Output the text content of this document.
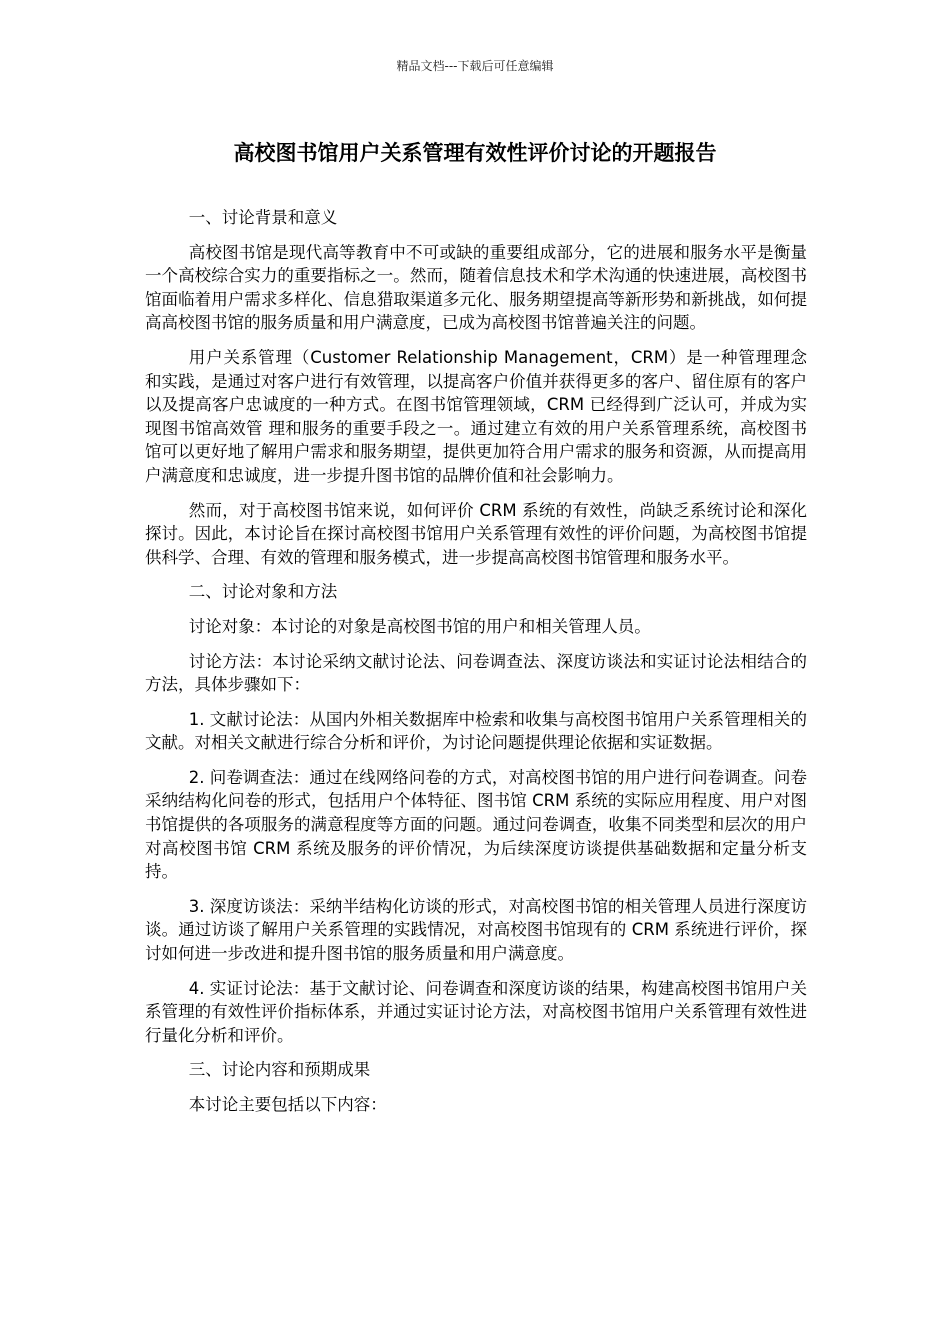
精品文档---下载后可任意编辑
高校图书馆用户关系管理有效性评价讨论的开题报告

一、讨论背景和意义

高校图书馆是现代高等教育中不可或缺的重要组成部分，它的进展和服务水平是衡量一个高校综合实力的重要指标之一。然而，随着信息技术和学术沟通的快速进展，高校图书馆面临着用户需求多样化、信息猎取渠道多元化、服务期望提高等新形势和新挑战，如何提高高校图书馆的服务质量和用户满意度，已成为高校图书馆普遍关注的问题。

用户关系管理（Customer Relationship Management，CRM）是一种管理理念和实践，是通过对客户进行有效管理，以提高客户价值并获得更多的客户、留住原有的客户以及提高客户忠诚度的一种方式。在图书馆管理领域，CRM 已经得到广泛认可，并成为实现图书馆高效管 理和服务的重要手段之一。通过建立有效的用户关系管理系统，高校图书馆可以更好地了解用户需求和服务期望，提供更加符合用户需求的服务和资源，从而提高用户满意度和忠诚度，进一步提升图书馆的品牌价值和社会影响力。

然而，对于高校图书馆来说，如何评价 CRM 系统的有效性，尚缺乏系统讨论和深化探讨。因此，本讨论旨在探讨高校图书馆用户关系管理有效性的评价问题，为高校图书馆提供科学、合理、有效的管理和服务模式，进一步提高高校图书馆管理和服务水平。

二、讨论对象和方法

讨论对象：本讨论的对象是高校图书馆的用户和相关管理人员。

讨论方法：本讨论采纳文献讨论法、问卷调查法、深度访谈法和实证讨论法相结合的方法，具体步骤如下：

1. 文献讨论法：从国内外相关数据库中检索和收集与高校图书馆用户关系管理相关的文献。对相关文献进行综合分析和评价，为讨论问题提供理论依据和实证数据。

2. 问卷调查法：通过在线网络问卷的方式，对高校图书馆的用户进行问卷调查。问卷采纳结构化问卷的形式，包括用户个体特征、图书馆 CRM 系统的实际应用程度、用户对图书馆提供的各项服务的满意程度等方面的问题。通过问卷调查，收集不同类型和层次的用户对高校图书馆 CRM 系统及服务的评价情况，为后续深度访谈提供基础数据和定量分析支持。

3. 深度访谈法：采纳半结构化访谈的形式，对高校图书馆的相关管理人员进行深度访谈。通过访谈了解用户关系管理的实践情况，对高校图书馆现有的 CRM 系统进行评价，探讨如何进一步改进和提升图书馆的服务质量和用户满意度。

4. 实证讨论法：基于文献讨论、问卷调查和深度访谈的结果，构建高校图书馆用户关系管理的有效性评价指标体系，并通过实证讨论方法，对高校图书馆用户关系管理有效性进行量化分析和评价。

三、讨论内容和预期成果

本讨论主要包括以下内容：
